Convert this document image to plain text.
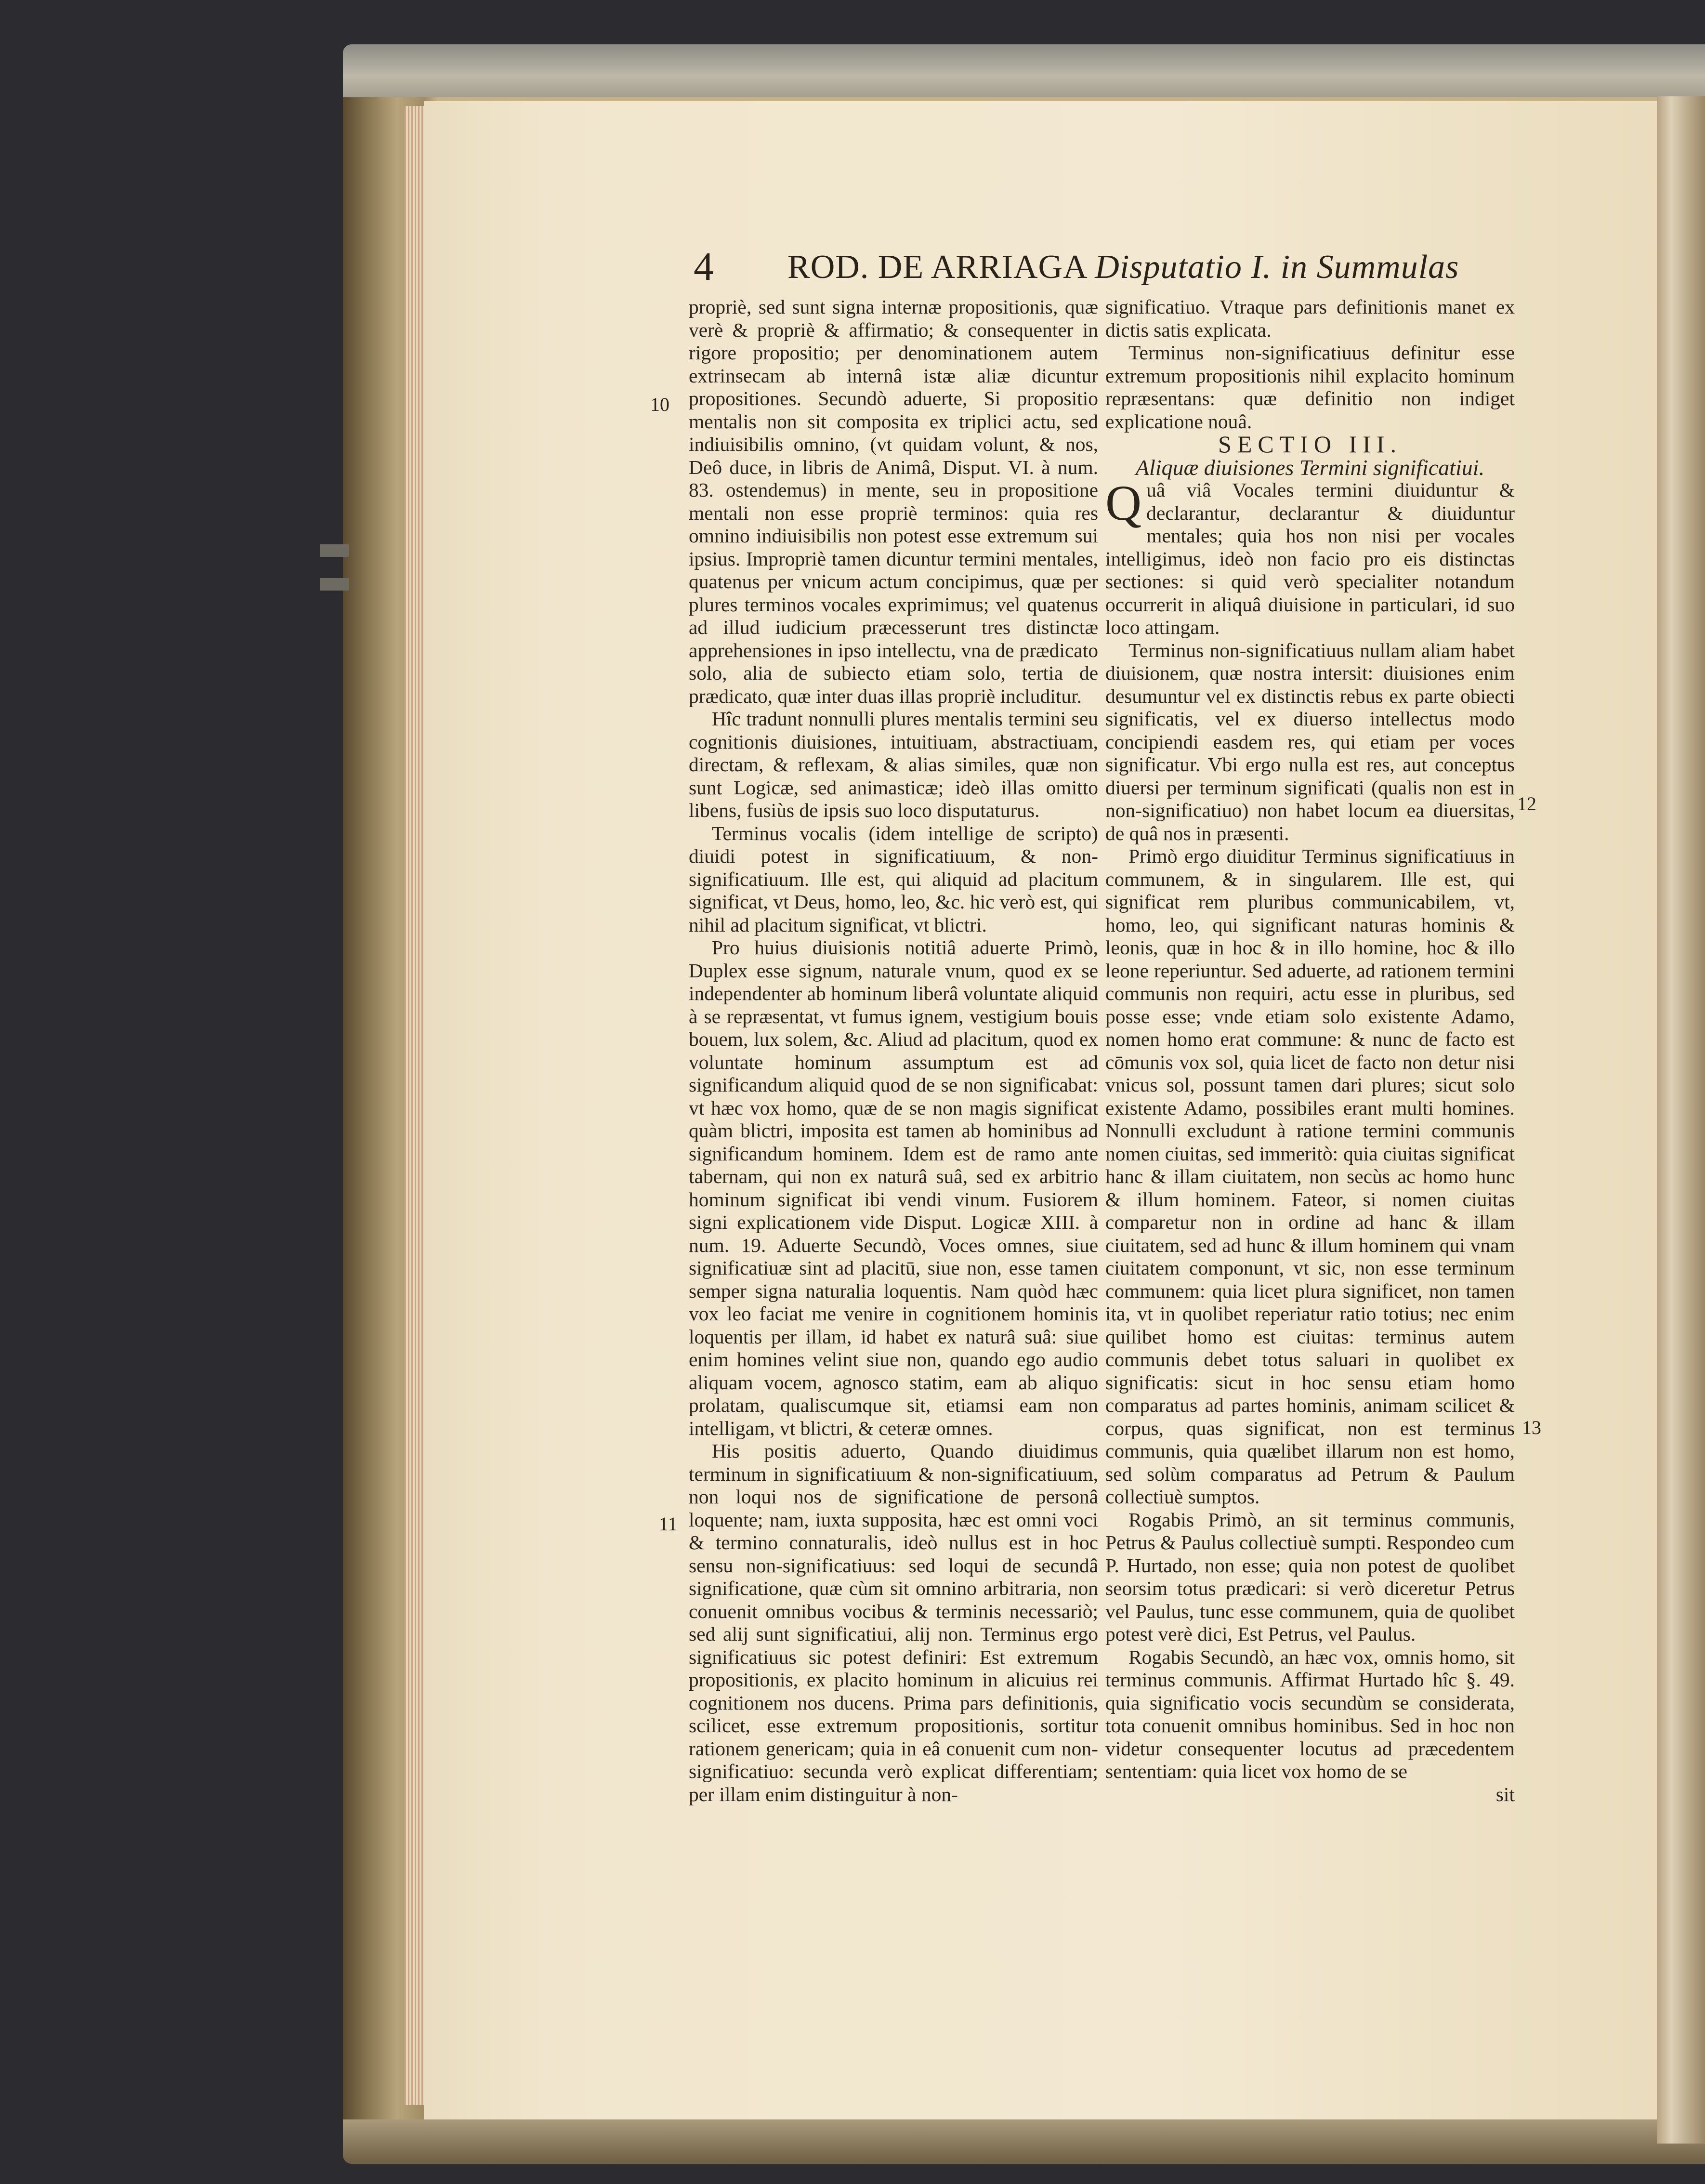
4 ROD. DE ARRIAGA Disputatio I. in Summulas
10
11
12
13

propriè, sed sunt signa internæ propositionis, quæ verè & propriè & affirmatio; & consequenter in rigore propositio; per denominationem autem extrinsecam ab internâ istæ aliæ dicuntur propositiones. Secundò aduerte, Si propositio mentalis non sit composita ex triplici actu, sed indiuisibilis omnino, (vt quidam volunt, & nos, Deô duce, in libris de Animâ, Disput. VI. à num. 83. ostendemus) in mente, seu in propositione mentali non esse propriè terminos: quia res omnino indiuisibilis non potest esse extremum sui ipsius. Impropriè tamen dicuntur termini mentales, quatenus per vnicum actum concipimus, quæ per plures terminos vocales exprimimus; vel quatenus ad illud iudicium præcesserunt tres distinctæ apprehensiones in ipso intellectu, vna de prædicato solo, alia de subiecto etiam solo, tertia de prædicato, quæ inter duas illas propriè includitur.

Hîc tradunt nonnulli plures mentalis termini seu cognitionis diuisiones, intuitiuam, abstractiuam, directam, & reflexam, & alias similes, quæ non sunt Logicæ, sed animasticæ; ideò illas omitto libens, fusiùs de ipsis suo loco disputaturus.

Terminus vocalis (idem intellige de scripto) diuidi potest in significatiuum, & non-significatiuum. Ille est, qui aliquid ad placitum significat, vt Deus, homo, leo, &c. hic verò est, qui nihil ad placitum significat, vt blictri.

Pro huius diuisionis notitiâ aduerte Primò, Duplex esse signum, naturale vnum, quod ex se independenter ab hominum liberâ voluntate aliquid à se repræsentat, vt fumus ignem, vestigium bouis bouem, lux solem, &c. Aliud ad placitum, quod ex voluntate hominum assumptum est ad significandum aliquid quod de se non significabat: vt hæc vox homo, quæ de se non magis significat quàm blictri, imposita est tamen ab hominibus ad significandum hominem. Idem est de ramo ante tabernam, qui non ex naturâ suâ, sed ex arbitrio hominum significat ibi vendi vinum. Fusiorem signi explicationem vide Disput. Logicæ XIII. à num. 19. Aduerte Secundò, Voces omnes, siue significatiuæ sint ad placitū, siue non, esse tamen semper signa naturalia loquentis. Nam quòd hæc vox leo faciat me venire in cognitionem hominis loquentis per illam, id habet ex naturâ suâ: siue enim homines velint siue non, quando ego audio aliquam vocem, agnosco statim, eam ab aliquo prolatam, qualiscumque sit, etiamsi eam non intelligam, vt blictri, & ceteræ omnes.

His positis aduerto, Quando diuidimus terminum in significatiuum & non-significatiuum, non loqui nos de significatione de personâ loquente; nam, iuxta supposita, hæc est omni voci & termino connaturalis, ideò nullus est in hoc sensu non-significatiuus: sed loqui de secundâ significatione, quæ cùm sit omnino arbitraria, non conuenit omnibus vocibus & terminis necessariò; sed alij sunt significatiui, alij non. Terminus ergo significatiuus sic potest definiri: Est extremum propositionis, ex placito hominum in alicuius rei cognitionem nos ducens. Prima pars definitionis, scilicet, esse extremum propositionis, sortitur rationem genericam; quia in eâ conuenit cum non-significatiuo: secunda verò explicat differentiam; per illam enim distinguitur à non-

significatiuo. Vtraque pars definitionis manet ex dictis satis explicata.

Terminus non-significatiuus definitur esse extremum propositionis nihil explacito hominum repræsentans: quæ definitio non indiget explicatione nouâ.

SECTIO III.

Aliquæ diuisiones Termini significatiui.

Quâ viâ Vocales termini diuiduntur & declarantur, declarantur & diuiduntur mentales; quia hos non nisi per vocales intelligimus, ideò non facio pro eis distinctas sectiones: si quid verò specialiter notandum occurrerit in aliquâ diuisione in particulari, id suo loco attingam.

Terminus non-significatiuus nullam aliam habet diuisionem, quæ nostra intersit: diuisiones enim desumuntur vel ex distinctis rebus ex parte obiecti significatis, vel ex diuerso intellectus modo concipiendi easdem res, qui etiam per voces significatur. Vbi ergo nulla est res, aut conceptus diuersi per terminum significati (qualis non est in non-significatiuo) non habet locum ea diuersitas, de quâ nos in præsenti.

Primò ergo diuiditur Terminus significatiuus in communem, & in singularem. Ille est, qui significat rem pluribus communicabilem, vt, homo, leo, qui significant naturas hominis & leonis, quæ in hoc & in illo homine, hoc & illo leone reperiuntur. Sed aduerte, ad rationem termini communis non requiri, actu esse in pluribus, sed posse esse; vnde etiam solo existente Adamo, nomen homo erat commune: & nunc de facto est cōmunis vox sol, quia licet de facto non detur nisi vnicus sol, possunt tamen dari plures; sicut solo existente Adamo, possibiles erant multi homines. Nonnulli excludunt à ratione termini communis nomen ciuitas, sed immeritò: quia ciuitas significat hanc & illam ciuitatem, non secùs ac homo hunc & illum hominem. Fateor, si nomen ciuitas comparetur non in ordine ad hanc & illam ciuitatem, sed ad hunc & illum hominem qui vnam ciuitatem componunt, vt sic, non esse terminum communem: quia licet plura significet, non tamen ita, vt in quolibet reperiatur ratio totius; nec enim quilibet homo est ciuitas: terminus autem communis debet totus saluari in quolibet ex significatis: sicut in hoc sensu etiam homo comparatus ad partes hominis, animam scilicet & corpus, quas significat, non est terminus communis, quia quælibet illarum non est homo, sed solùm comparatus ad Petrum & Paulum collectiuè sumptos.

Rogabis Primò, an sit terminus communis, Petrus & Paulus collectiuè sumpti. Respondeo cum P. Hurtado, non esse; quia non potest de quolibet seorsim totus prædicari: si verò diceretur Petrus vel Paulus, tunc esse communem, quia de quolibet potest verè dici, Est Petrus, vel Paulus.

Rogabis Secundò, an hæc vox, omnis homo, sit terminus communis. Affirmat Hurtado hîc §. 49. quia significatio vocis secundùm se considerata, tota conuenit omnibus hominibus. Sed in hoc non videtur consequenter locutus ad præcedentem sententiam: quia licet vox homo de se

sit
